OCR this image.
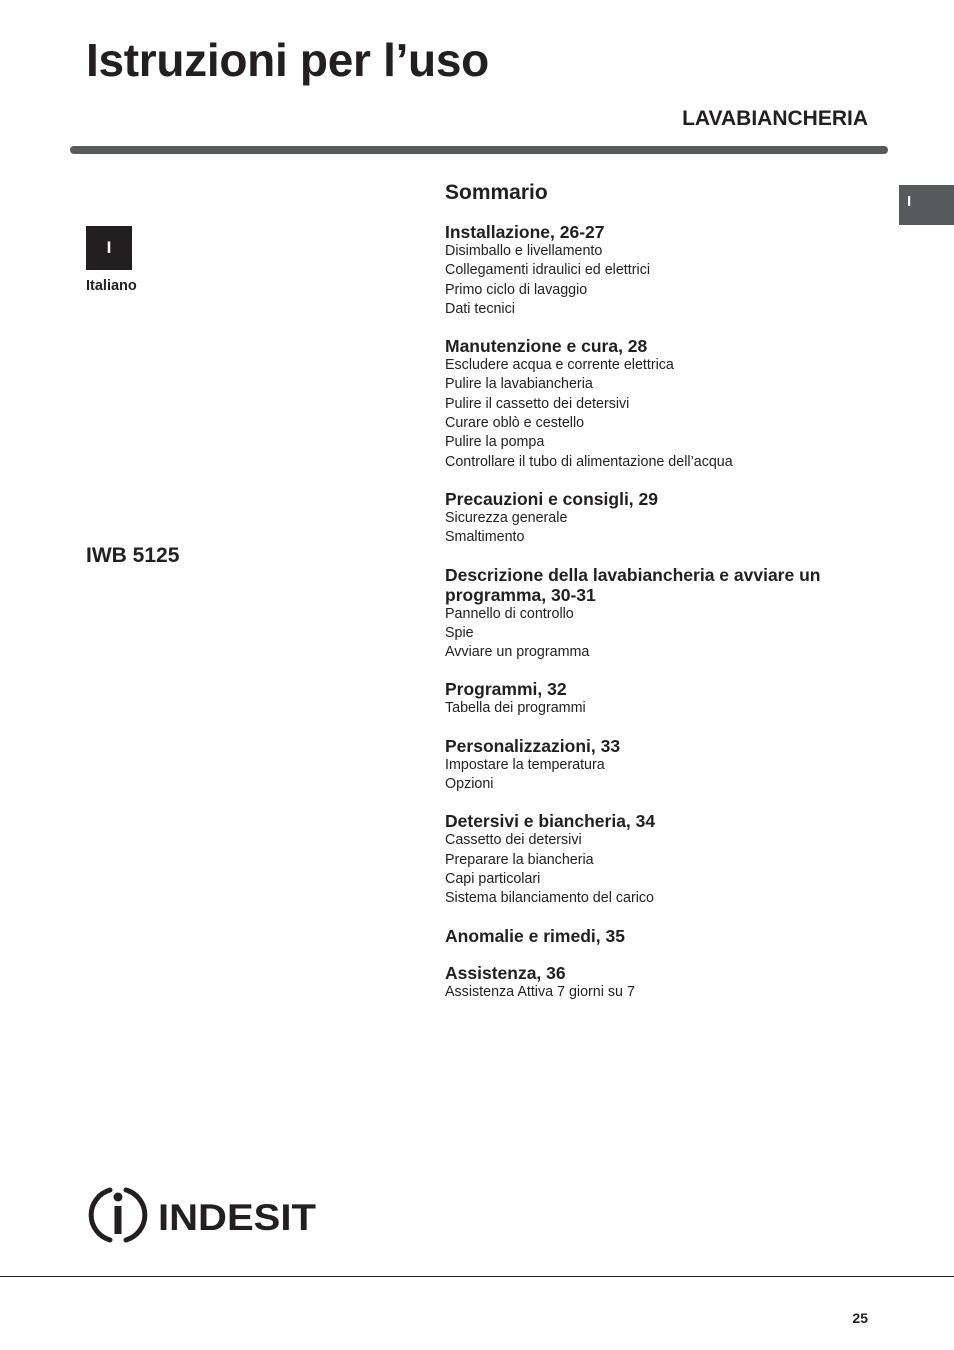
Istruzioni per l’uso
LAVABIANCHERIA
I
I
Italiano
IWB 5125
Sommario

Installazione, 26-27

Disimballo e livellamento

Collegamenti idraulici ed elettrici

Primo ciclo di lavaggio

Dati tecnici

Manutenzione e cura, 28

Escludere acqua e corrente elettrica

Pulire la lavabiancheria

Pulire il cassetto dei detersivi

Curare oblò e cestello

Pulire la pompa

Controllare il tubo di alimentazione dell’acqua

Precauzioni e consigli, 29

Sicurezza generale

Smaltimento

Descrizione della lavabiancheria e avviare un programma, 30-31

Pannello di controllo

Spie

Avviare un programma

Programmi, 32

Tabella dei programmi

Personalizzazioni, 33

Impostare la temperatura

Opzioni

Detersivi e biancheria, 34

Cassetto dei detersivi

Preparare la biancheria

Capi particolari

Sistema bilanciamento del carico

Anomalie e rimedi, 35

Assistenza, 36

Assistenza Attiva 7 giorni su 7

INDESIT
25
